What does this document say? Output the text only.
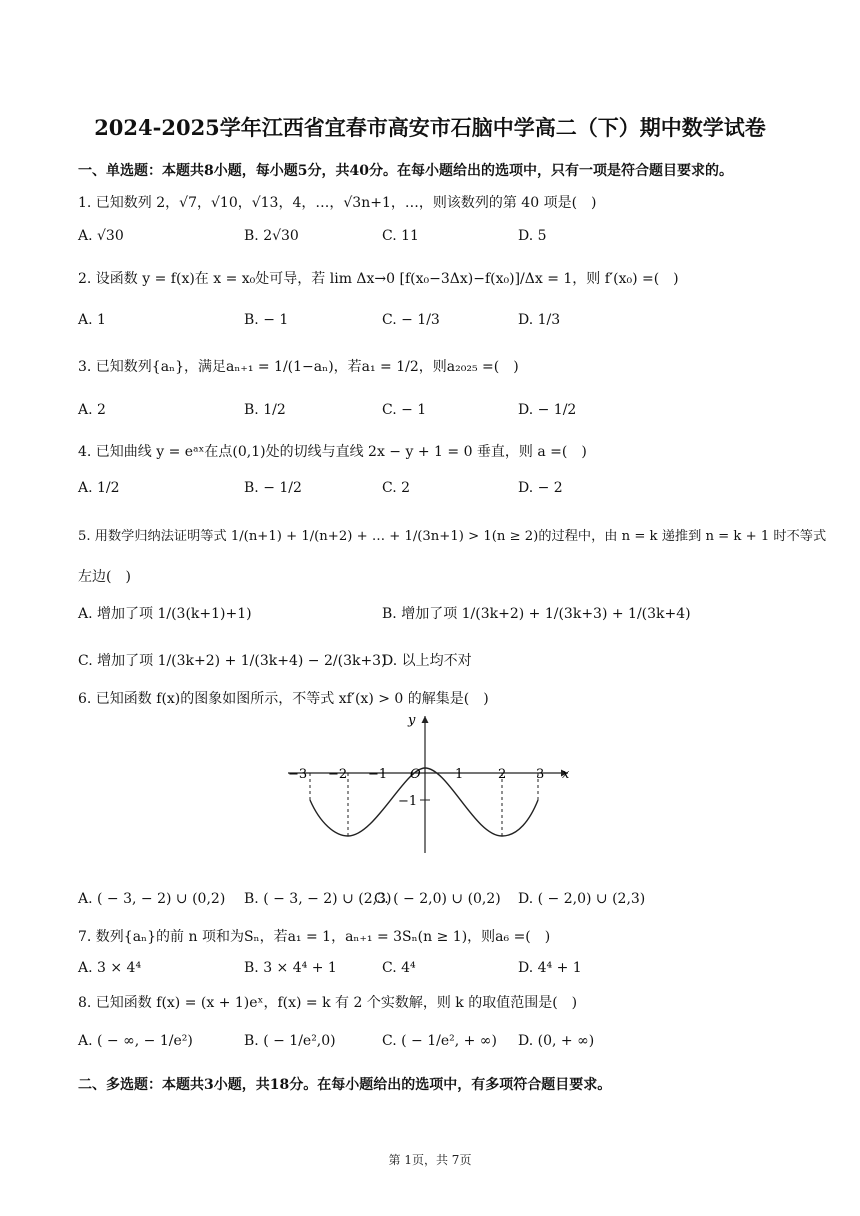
2024-2025学年江西省宜春市高安市石脑中学高二（下）期中数学试卷
一、单选题：本题共8小题，每小题5分，共40分。在每小题给出的选项中，只有一项是符合题目要求的。
1. 已知数列 2，√7，√10，√13，4，…，√3n+1，…，则该数列的第 40 项是(　)
A. √30	B. 2√30	C. 11	D. 5
2. 设函数 y = f(x)在 x = x₀处可导，若 lim Δx→0 [f(x₀−3Δx)−f(x₀)]/Δx = 1，则 f′(x₀) =(　)
A. 1	B. − 1	C. − 1/3	D. 1/3
3. 已知数列{aₙ}，满足aₙ₊₁ = 1/(1−aₙ)，若a₁ = 1/2，则a₂₀₂₅ =(　)
A. 2	B. 1/2	C. − 1	D. − 1/2
4. 已知曲线 y = eᵃˣ在点(0,1)处的切线与直线 2x − y + 1 = 0 垂直，则 a =(　)
A. 1/2	B. − 1/2	C. 2	D. − 2
5. 用数学归纳法证明等式 1/(n+1) + 1/(n+2) + … + 1/(3n+1) > 1(n ≥ 2)的过程中，由 n = k 递推到 n = k + 1 时不等式
左边(　)
A. 增加了项 1/(3(k+1)+1)	B. 增加了项 1/(3k+2) + 1/(3k+3) + 1/(3k+4)
C. 增加了项 1/(3k+2) + 1/(3k+4) − 2/(3k+3)
D. 以上均不对
6. 已知函数 f(x)的图象如图所示，不等式 xf′(x) > 0 的解集是(　)
y
x
O
−3 −2 −1	1	2 3
−1
A. ( − 3, − 2) ∪ (0,2) B. ( − 3, − 2) ∪ (2,3)
C. ( − 2,0) ∪ (0,2) D. ( − 2,0) ∪ (2,3)
7. 数列{aₙ}的前 n 项和为Sₙ，若a₁ = 1，aₙ₊₁ = 3Sₙ(n ≥ 1)，则a₆ =(　)
A. 3 × 4⁴	B. 3 × 4⁴ + 1	C. 4⁴	D. 4⁴ + 1
8. 已知函数 f(x) = (x + 1)eˣ，f(x) = k 有 2 个实数解，则 k 的取值范围是(　)
A. ( − ∞, − 1/e²)	B. ( − 1/e²,0)	C. ( − 1/e², + ∞) D. (0, + ∞)
二、多选题：本题共3小题，共18分。在每小题给出的选项中，有多项符合题目要求。
第 1页，共 7页
